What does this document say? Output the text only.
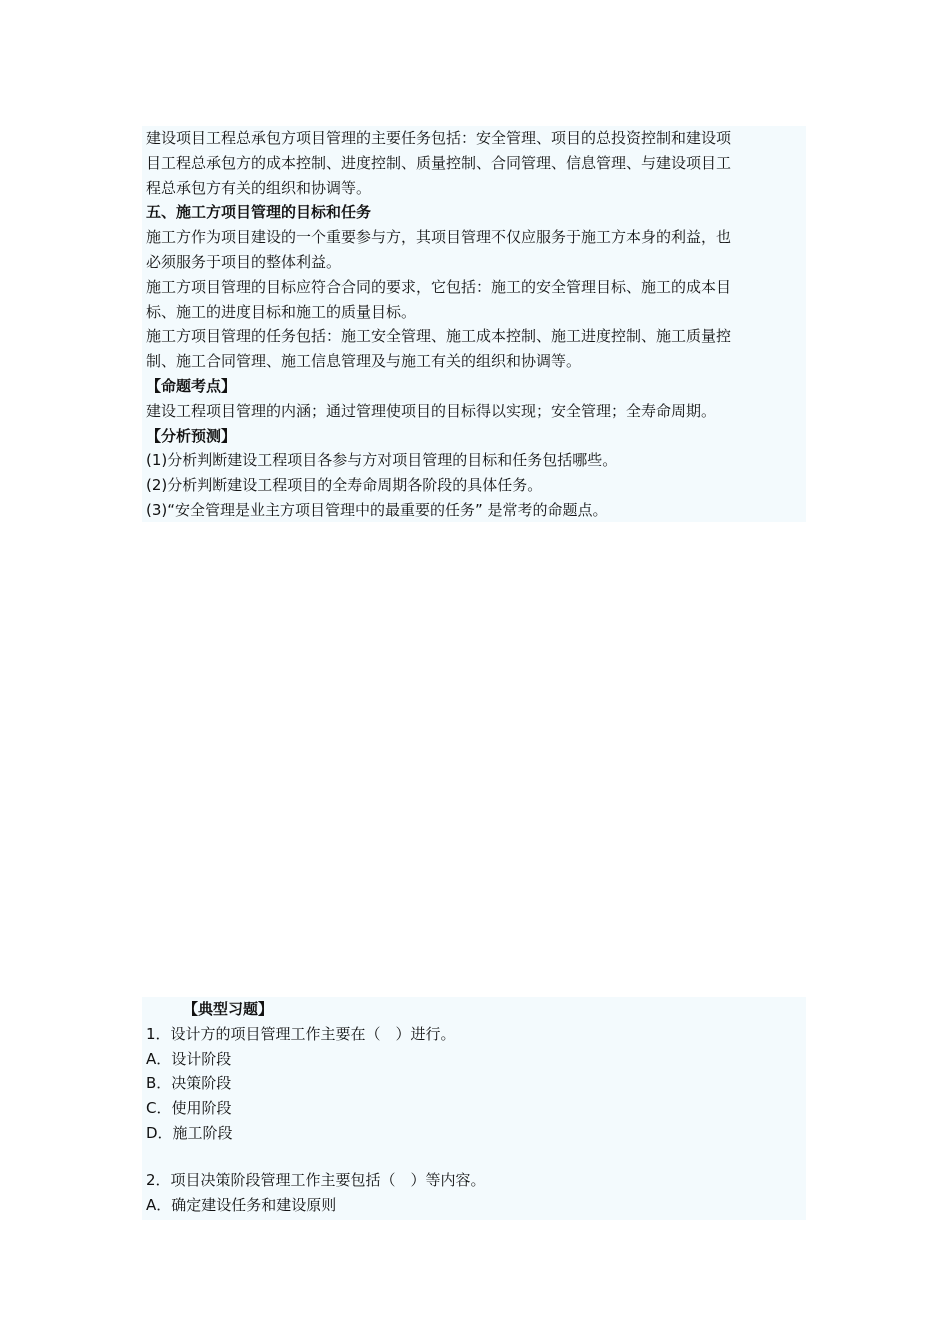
建设项目工程总承包方项目管理的主要任务包括：安全管理、项目的总投资控制和建设项
目工程总承包方的成本控制、进度控制、质量控制、合同管理、信息管理、与建设项目工
程总承包方有关的组织和协调等。
五、施工方项目管理的目标和任务
施工方作为项目建设的一个重要参与方，其项目管理不仅应服务于施工方本身的利益，也
必须服务于项目的整体利益。
施工方项目管理的目标应符合合同的要求，它包括：施工的安全管理目标、施工的成本目
标、施工的进度目标和施工的质量目标。
施工方项目管理的任务包括：施工安全管理、施工成本控制、施工进度控制、施工质量控
制、施工合同管理、施工信息管理及与施工有关的组织和协调等。
【命题考点】
建设工程项目管理的内涵；通过管理使项目的目标得以实现；安全管理；全寿命周期。
【分析预测】
(1)分析判断建设工程项目各参与方对项目管理的目标和任务包括哪些。
(2)分析判断建设工程项目的全寿命周期各阶段的具体任务。
(3)“安全管理是业主方项目管理中的最重要的任务” 是常考的命题点。
【典型习题】
1．设计方的项目管理工作主要在（　）进行。
A．设计阶段
B．决策阶段
C．使用阶段
D．施工阶段
2．项目决策阶段管理工作主要包括（　）等内容。
A．确定建设任务和建设原则
